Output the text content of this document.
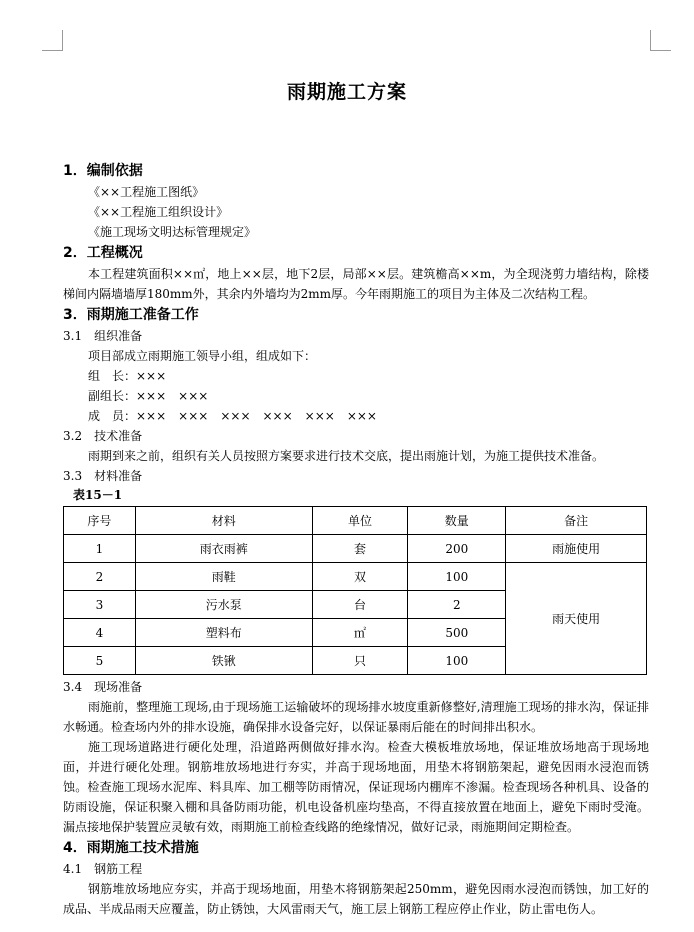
雨期施工方案
1．编制依据
《××工程施工图纸》
《××工程施工组织设计》
《施工现场文明达标管理规定》
2．工程概况
本工程建筑面积××㎡，地上××层，地下2层，局部××层。建筑檐高××m，为全现浇剪力墙结构，除楼梯间内隔墙墙厚180mm外，其余内外墙均为2mm厚。今年雨期施工的项目为主体及二次结构工程。
3．雨期施工准备工作
3.1　组织准备
项目部成立雨期施工领导小组，组成如下：
组　长：×××
副组长：×××　×××
成　员：×××　×××　×××　×××　×××　×××
3.2　技术准备
雨期到来之前，组织有关人员按照方案要求进行技术交底，提出雨施计划，为施工提供技术准备。
3.3　材料准备
表15－1
序号	材料	单位	数量	备注
1	雨衣雨裤	套	200	雨施使用
2	雨鞋	双	100	雨天使用
3	污水泵	台	2	
4	塑料布	㎡	500	
5	铁锹	只	100	
3.4　现场准备
雨施前，整理施工现场,由于现场施工运输破坏的现场排水坡度重新修整好,清理施工现场的排水沟，保证排水畅通。检查场内外的排水设施，确保排水设备完好，以保证暴雨后能在的时间排出积水。
施工现场道路进行硬化处理，沿道路两侧做好排水沟。检查大模板堆放场地，保证堆放场地高于现场地面，并进行硬化处理。钢筋堆放场地进行夯实，并高于现场地面，用垫木将钢筋架起，避免因雨水浸泡而锈蚀。检查施工现场水泥库、料具库、加工棚等防雨情况，保证现场内棚库不渗漏。检查现场各种机具、设备的防雨设施，保证积聚入棚和具备防雨功能，机电设备机座均垫高，不得直接放置在地面上，避免下雨时受淹。漏点接地保护装置应灵敏有效，雨期施工前检查线路的绝缘情况，做好记录，雨施期间定期检查。
4．雨期施工技术措施
4.1　钢筋工程
钢筋堆放场地应夯实，并高于现场地面，用垫木将钢筋架起250mm，避免因雨水浸泡而锈蚀，加工好的成品、半成品雨天应覆盖，防止锈蚀，大风雷雨天气，施工层上钢筋工程应停止作业，防止雷电伤人。
